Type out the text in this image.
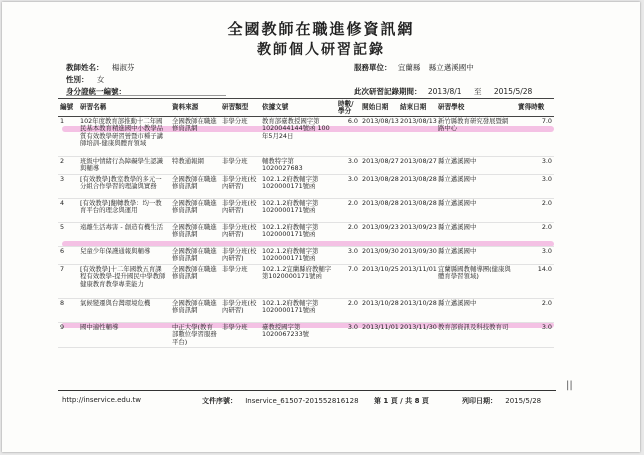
全國教師在職進修資訊網
教師個人研習記錄
教師姓名： 楊淑芬
性別： 女
身分證統一編號：
服務單位： 宜蘭縣 縣立邁溪國中
此次研習記錄期間： 2013/8/1 至 2015/5/28
編號	研習名稱	資料來源	研習類型	依據文號	時數/學分	開始日期	結束日期	研習學校	實得時數
1	102年度教育部推動十二年國民基本教育精進國中小教學品質有效教學研習營暨市種子講師培訓-健康與體育領域	全國教師在職進修資訊網	非學分班	教育部臺教授國字第1020044144號函 100年5月24日	6.0	2013/08/13	2013/08/13	新竹縣教育研究發展暨網路中心	7.0
2	班級中情緒行為障礙學生認識與輔導	特教通報網	非學分班	輔教特字第1020027683	3.0	2013/08/27	2013/08/27	縣立邁溪國中	3.0
3	[有效教學]教室教學的多元一分組合作學習的理論與實務	全國教師在職進修資訊網	非學分班(校內研習)	102.1.2府教輔字第1020000171號函	3.0	2013/08/28	2013/08/28	縣立邁溪國中	3.0
4	[有效教學]翻轉教學：均一教育平台的理念與運用	全國教師在職進修資訊網	非學分班(校內研習)	102.1.2府教輔字第1020000171號函	2.0	2013/08/28	2013/08/28	縣立邁溪國中	2.0
5	遠離生活毒害 - 創造有機生活	全國教師在職進修資訊網	非學分班(校內研習)	102.1.2府教輔字第1020000171號函	2.0	2013/09/23	2013/09/23	縣立邁溪國中	2.0
6	兒童少年保護通報與輔導	全國教師在職進修資訊網	非學分班(校內研習)	102.1.2府教輔字第1020000171號函	3.0	2013/09/30	2013/09/30	縣立邁溪國中	3.0
7	[有效教學]十二年國教五育課程有效教學-提升國民中學教師健康教育教學專業能力	全國教師在職進修資訊網	非學分班	102.1.2宜蘭縣府教輔字第1020000171號函	7.0	2013/10/25	2013/11/01	宜蘭縣國教輔導團(健康與體育學習領域)	14.0
8	氣候變遷與台灣環境危機	全國教師在職進修資訊網	非學分班(校內研習)	102.1.2府教輔字第1020000171號函	2.0	2013/10/28	2013/10/28	縣立邁溪國中	2.0
9	國中適性輔導	中正大學(教育部數位學習服務平台)	非學分班	臺教授國字第1020067233號	3.0	2013/11/01	2013/11/30	教育部資訊及科技教育司	3.0
||
http://inservice.edu.tw	文件序號： Inservice_61507-201552816128 第 1 頁 / 共 8 頁	列印日期： 2015/5/28
